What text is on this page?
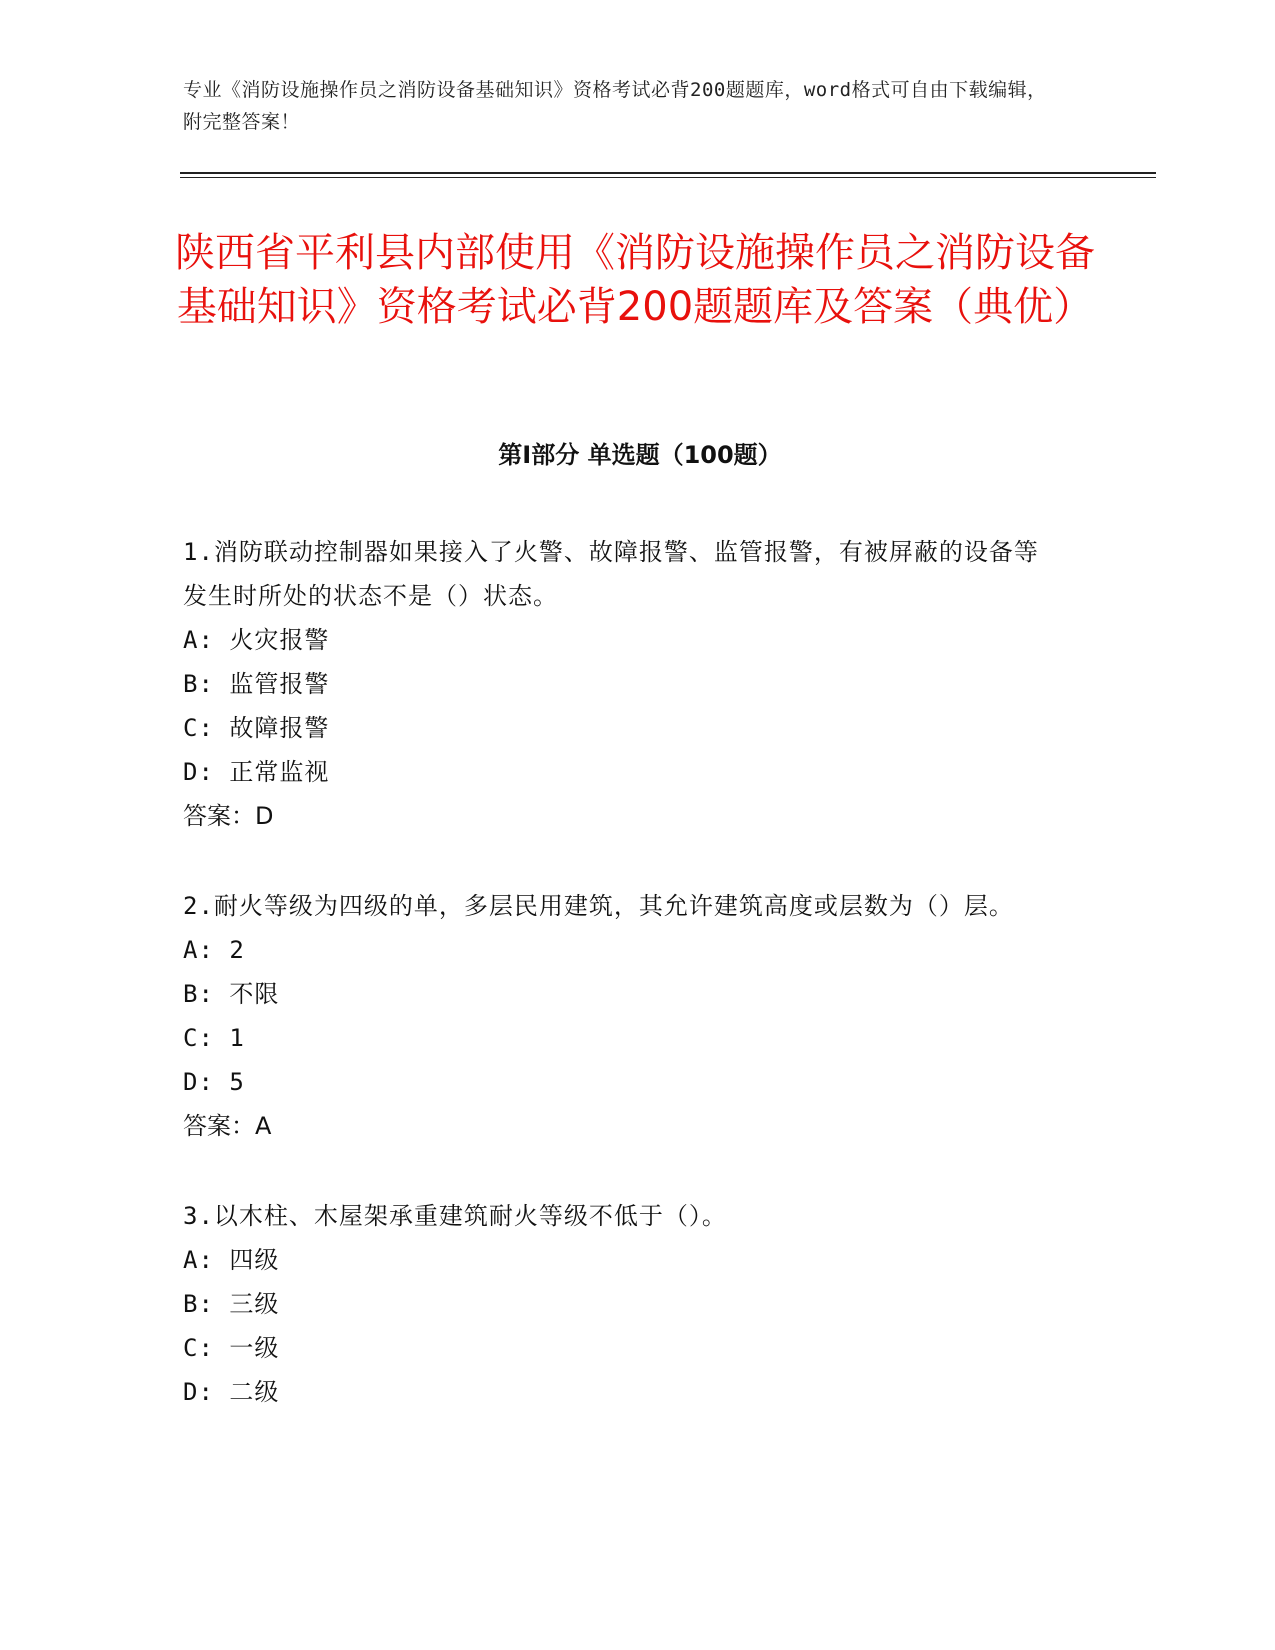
专业《消防设施操作员之消防设备基础知识》资格考试必背200题题库，word格式可自由下载编辑，附完整答案！
陕西省平利县内部使用《消防设施操作员之消防设备基础知识》资格考试必背200题题库及答案（典优）
第Ⅰ部分 单选题（100题）
1.消防联动控制器如果接入了火警、故障报警、监管报警，有被屏蔽的设备等发生时所处的状态不是（）状态。
A: 火灾报警
B: 监管报警
C: 故障报警
D: 正常监视
答案：D
2.耐火等级为四级的单，多层民用建筑，其允许建筑高度或层数为（）层。
A: 2
B: 不限
C: 1
D: 5
答案：A
3.以木柱、木屋架承重建筑耐火等级不低于（）。
A: 四级
B: 三级
C: 一级
D: 二级
